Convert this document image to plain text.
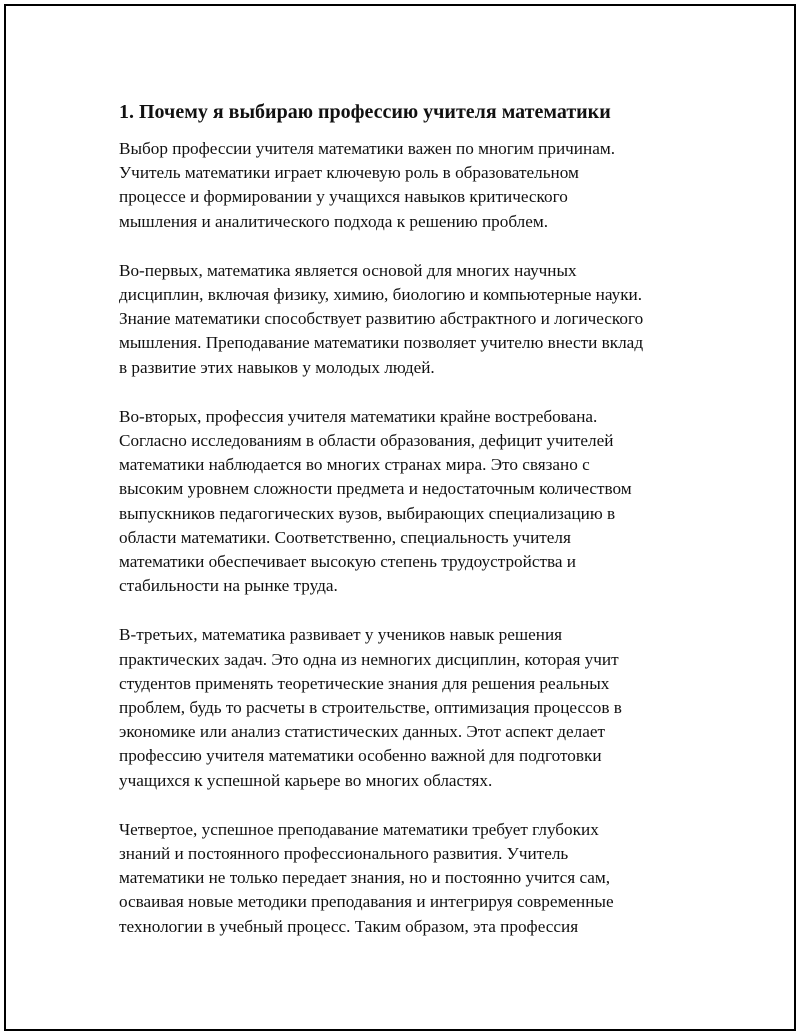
1. Почему я выбираю профессию учителя математики

Выбор профессии учителя математики важен по многим причинам.
Учитель математики играет ключевую роль в образовательном
процессе и формировании у учащихся навыков критического
мышления и аналитического подхода к решению проблем.

Во-первых, математика является основой для многих научных
дисциплин, включая физику, химию, биологию и компьютерные науки.
Знание математики способствует развитию абстрактного и логического
мышления. Преподавание математики позволяет учителю внести вклад
в развитие этих навыков у молодых людей.

Во-вторых, профессия учителя математики крайне востребована.
Согласно исследованиям в области образования, дефицит учителей
математики наблюдается во многих странах мира. Это связано с
высоким уровнем сложности предмета и недостаточным количеством
выпускников педагогических вузов, выбирающих специализацию в
области математики. Соответственно, специальность учителя
математики обеспечивает высокую степень трудоустройства и
стабильности на рынке труда.

В-третьих, математика развивает у учеников навык решения
практических задач. Это одна из немногих дисциплин, которая учит
студентов применять теоретические знания для решения реальных
проблем, будь то расчеты в строительстве, оптимизация процессов в
экономике или анализ статистических данных. Этот аспект делает
профессию учителя математики особенно важной для подготовки
учащихся к успешной карьере во многих областях.

Четвертое, успешное преподавание математики требует глубоких
знаний и постоянного профессионального развития. Учитель
математики не только передает знания, но и постоянно учится сам,
осваивая новые методики преподавания и интегрируя современные
технологии в учебный процесс. Таким образом, эта профессия
